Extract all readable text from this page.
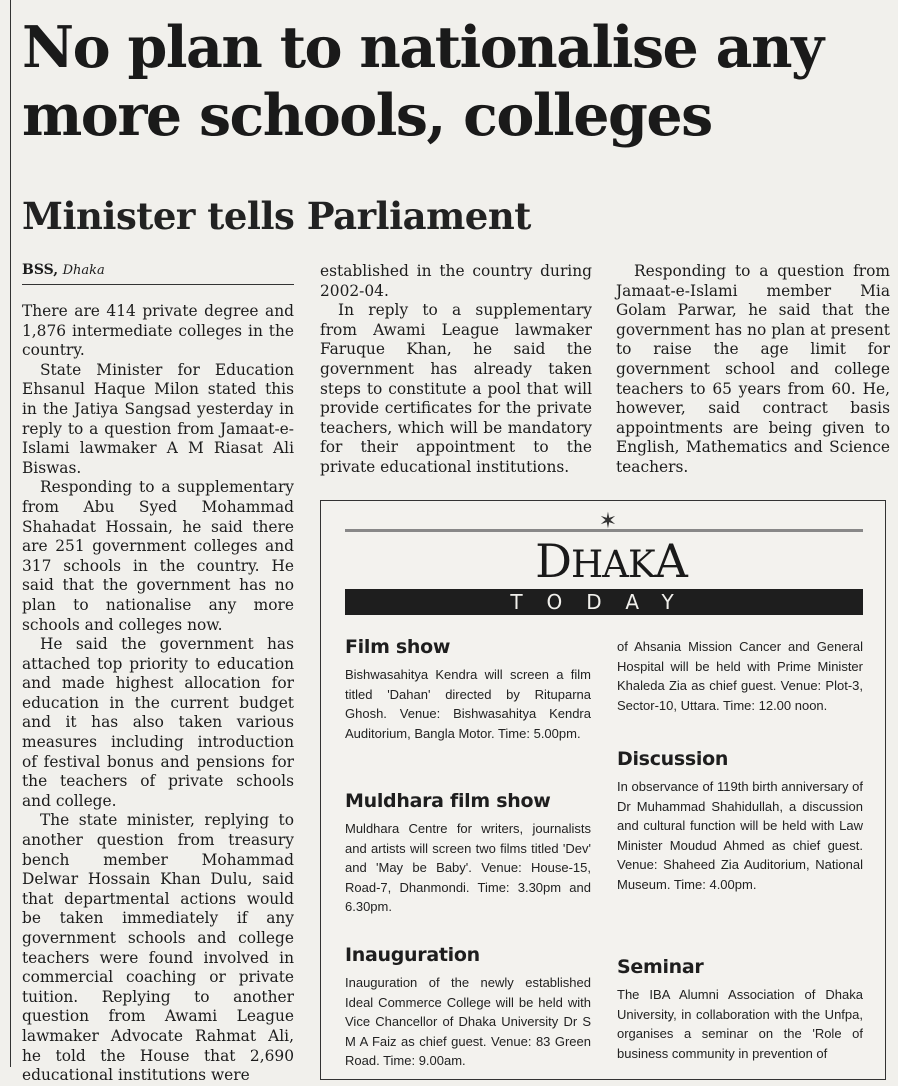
No plan to nationalise any more schools, colleges
Minister tells Parliament
BSS, Dhaka

There are 414 private degree and 1,876 intermediate colleges in the country.

State Minister for Education Ehsanul Haque Milon stated this in the Jatiya Sangsad yesterday in reply to a question from Jamaat-e-Islami lawmaker A M Riasat Ali Biswas.

Responding to a supplementary from Abu Syed Mohammad Shahadat Hossain, he said there are 251 government colleges and 317 schools in the country. He said that the government has no plan to nationalise any more schools and colleges now.

He said the government has attached top priority to education and made highest allocation for education in the current budget and it has also taken various measures including introduction of festival bonus and pensions for the teachers of private schools and college.

The state minister, replying to another question from treasury bench member Mohammad Delwar Hossain Khan Dulu, said that departmental actions would be taken immediately if any government schools and college teachers were found involved in commercial coaching or private tuition. Replying to another question from Awami League lawmaker Advocate Rahmat Ali, he told the House that 2,690 educational institutions were

established in the country during 2002-04.

In reply to a supplementary from Awami League lawmaker Faruque Khan, he said the government has already taken steps to constitute a pool that will provide certificates for the private teachers, which will be mandatory for their appointment to the private educational institutions.

Responding to a question from Jamaat-e-Islami member Mia Golam Parwar, he said that the government has no plan at present to raise the age limit for government school and college teachers to 65 years from 60. He, however, said contract basis appointments are being given to English, Mathematics and Science teachers.

✶
DHAKA
TODAY
Film show
Bishwasahitya Kendra will screen a film titled 'Dahan' directed by Rituparna Ghosh. Venue: Bishwasahitya Kendra Auditorium, Bangla Motor. Time: 5.00pm.
Muldhara film show
Muldhara Centre for writers, journalists and artists will screen two films titled 'Dev' and 'May be Baby'. Venue: House-15, Road-7, Dhanmondi. Time: 3.30pm and 6.30pm.
Inauguration
Inauguration of the newly established Ideal Commerce College will be held with Vice Chancellor of Dhaka University Dr S M A Faiz as chief guest. Venue: 83 Green Road. Time: 9.00am.
of Ahsania Mission Cancer and General Hospital will be held with Prime Minister Khaleda Zia as chief guest. Venue: Plot-3, Sector-10, Uttara. Time: 12.00 noon.
Discussion
In observance of 119th birth anniversary of Dr Muhammad Shahidullah, a discussion and cultural function will be held with Law Minister Moudud Ahmed as chief guest. Venue: Shaheed Zia Auditorium, National Museum. Time: 4.00pm.
Seminar
The IBA Alumni Association of Dhaka University, in collaboration with the Unfpa, organises a seminar on the 'Role of business community in prevention of
